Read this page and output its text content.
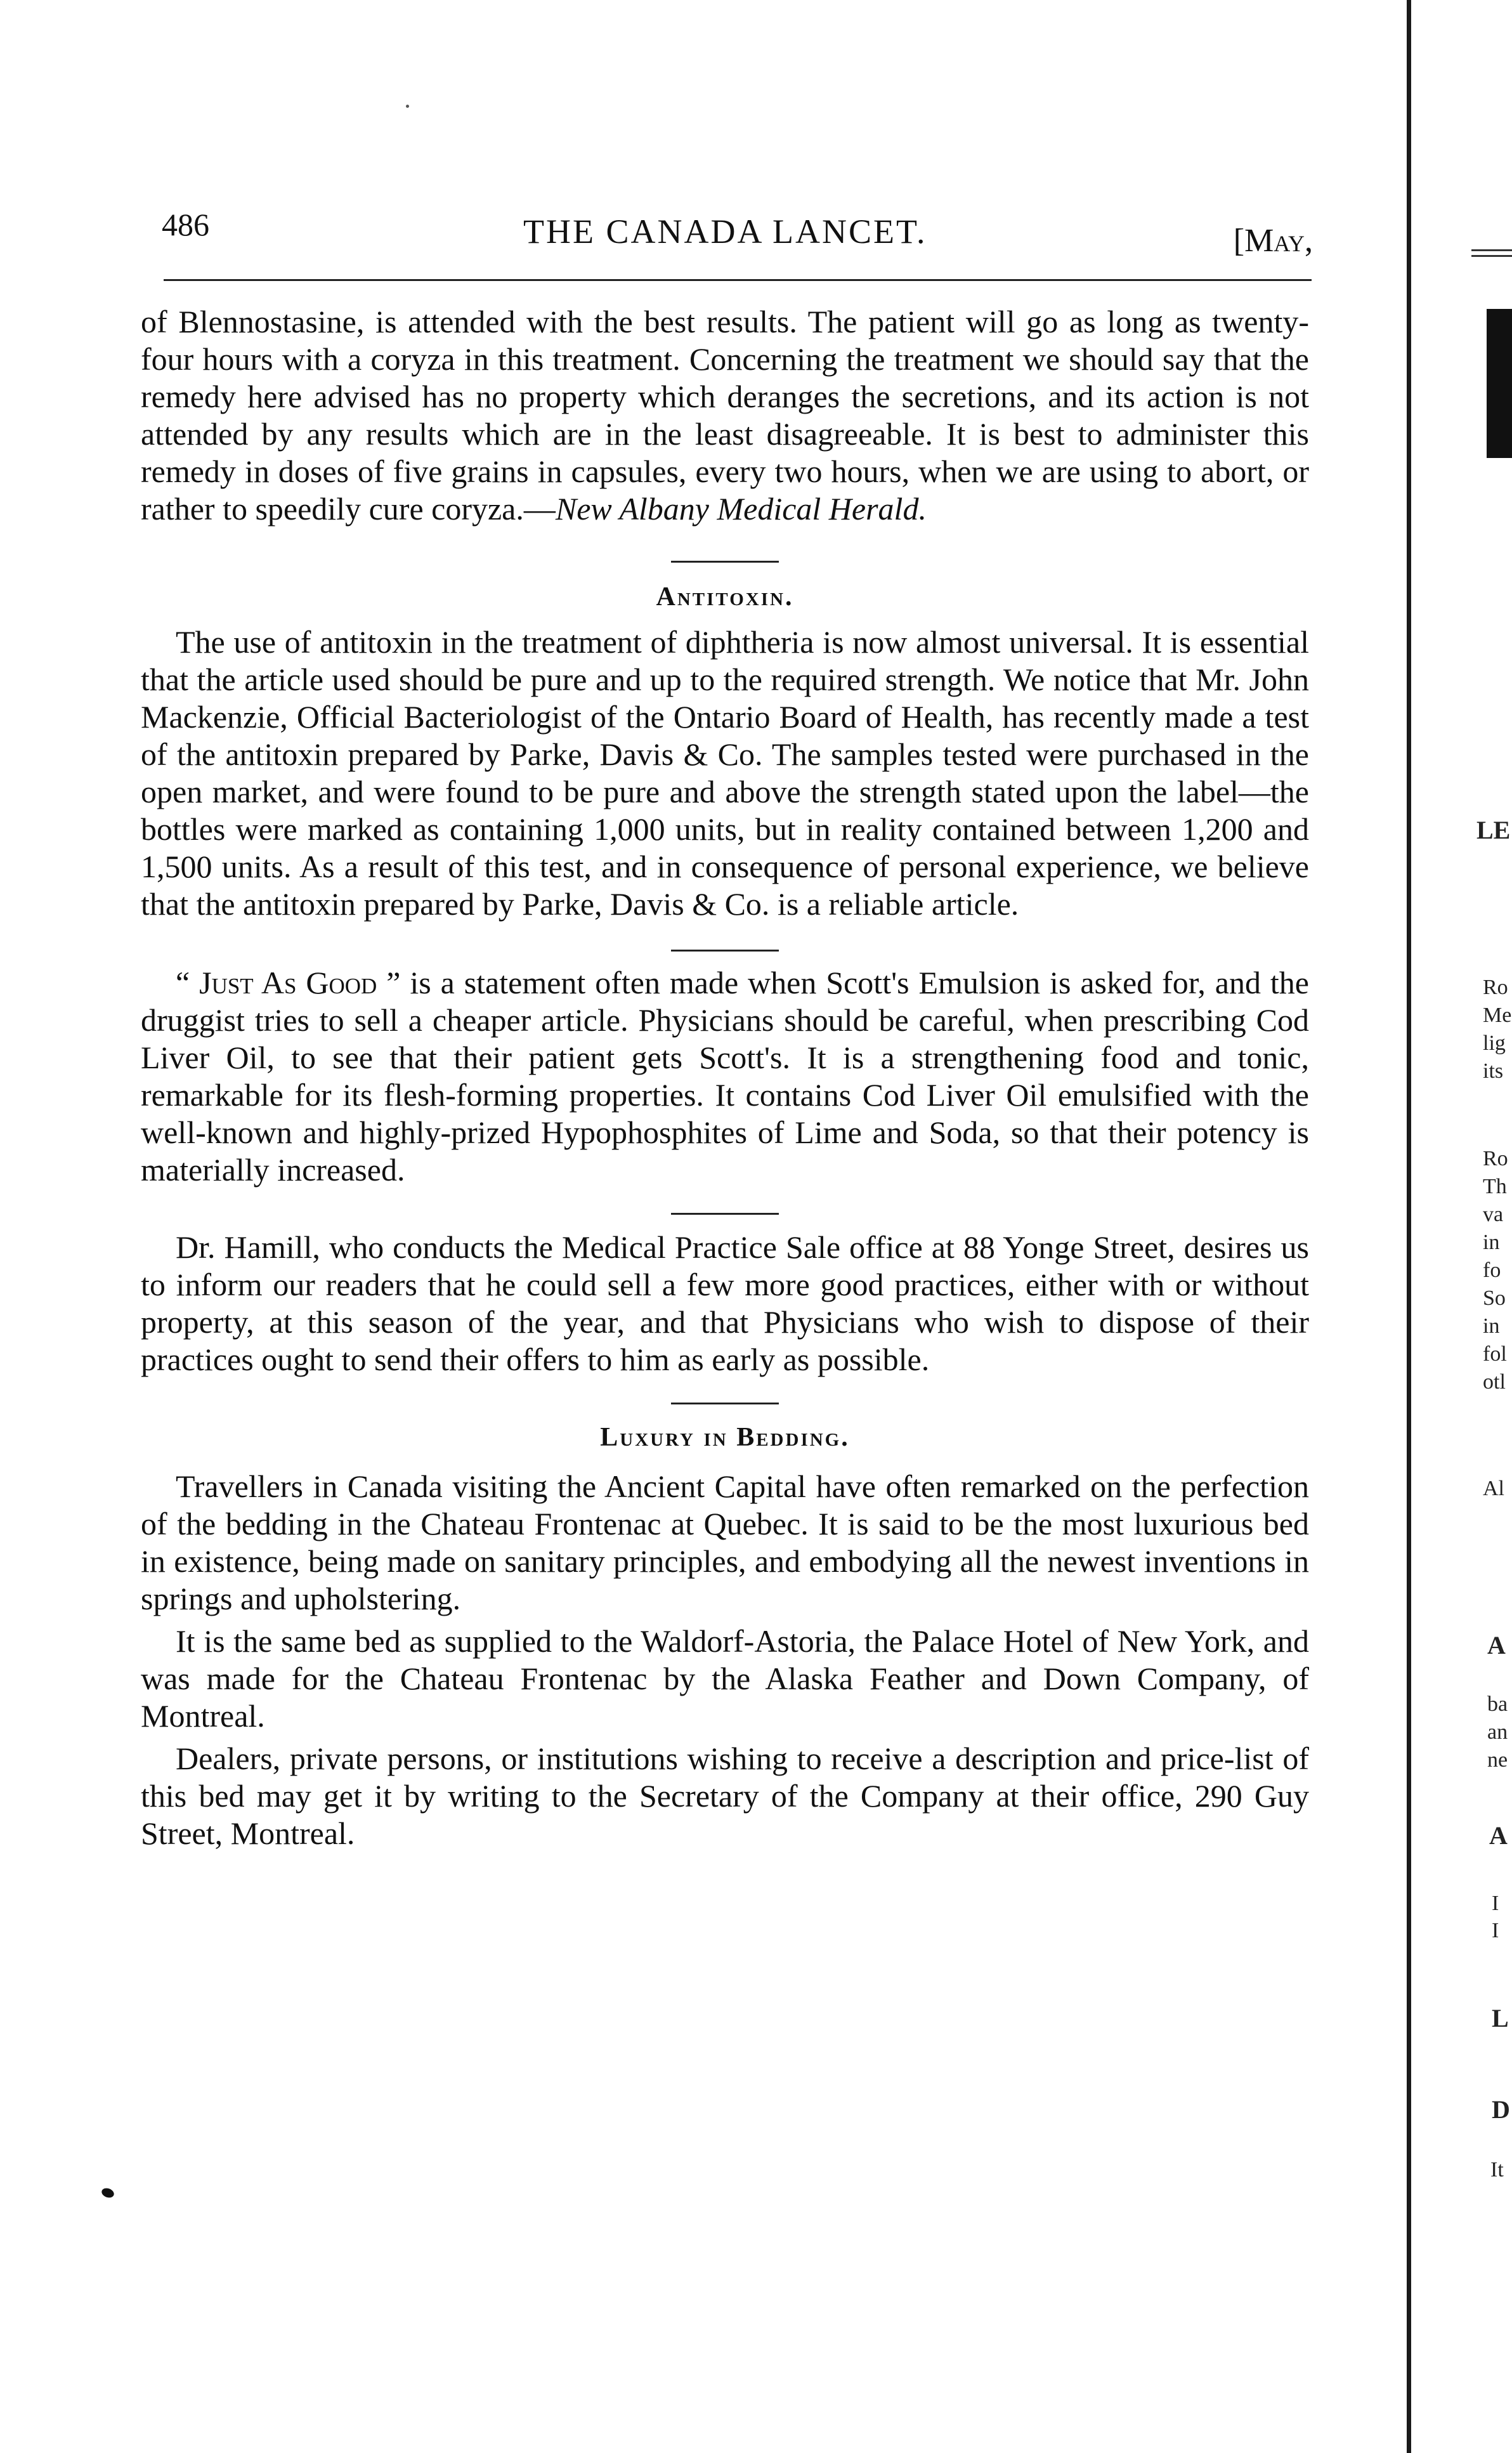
486	THE CANADA LANCET.	[May,

of Blennostasine, is attended with the best results. The patient will go as long as twenty-four hours with a coryza in this treatment. Concerning the treatment we should say that the remedy here advised has no property which deranges the secretions, and its action is not attended by any results which are in the least disagreeable. It is best to administer this remedy in doses of five grains in capsules, every two hours, when we are using to abort, or rather to speedily cure coryza.—New Albany Medical Herald.

Antitoxin.

The use of antitoxin in the treatment of diphtheria is now almost universal. It is essential that the article used should be pure and up to the required strength. We notice that Mr. John Mackenzie, Official Bacteriologist of the Ontario Board of Health, has recently made a test of the antitoxin prepared by Parke, Davis & Co. The samples tested were purchased in the open market, and were found to be pure and above the strength stated upon the label—the bottles were marked as containing 1,000 units, but in reality contained between 1,200 and 1,500 units. As a result of this test, and in consequence of personal experience, we believe that the antitoxin prepared by Parke, Davis & Co. is a reliable article.

“ Just As Good ” is a statement often made when Scott's Emulsion is asked for, and the druggist tries to sell a cheaper article. Physicians should be careful, when prescribing Cod Liver Oil, to see that their patient gets Scott's. It is a strengthening food and tonic, remarkable for its flesh-forming properties. It contains Cod Liver Oil emulsified with the well-known and highly-prized Hypophosphites of Lime and Soda, so that their potency is materially increased.

Dr. Hamill, who conducts the Medical Practice Sale office at 88 Yonge Street, desires us to inform our readers that he could sell a few more good practices, either with or without property, at this season of the year, and that Physicians who wish to dispose of their practices ought to send their offers to him as early as possible.

Luxury in Bedding.

Travellers in Canada visiting the Ancient Capital have often remarked on the perfection of the bedding in the Chateau Frontenac at Quebec. It is said to be the most luxurious bed in existence, being made on sanitary principles, and embodying all the newest inventions in springs and upholstering.

It is the same bed as supplied to the Waldorf-Astoria, the Palace Hotel of New York, and was made for the Chateau Frontenac by the Alaska Feather and Down Company, of Montreal.

Dealers, private persons, or institutions wishing to receive a description and price-list of this bed may get it by writing to the Secretary of the Company at their office, 290 Guy Street, Montreal.

LE
Ro
Me
lig
its
Ro
Th
va
in
fo
So
in
fol
otl
Al
A
ba
an
ne
A
I
I
L
D
It
